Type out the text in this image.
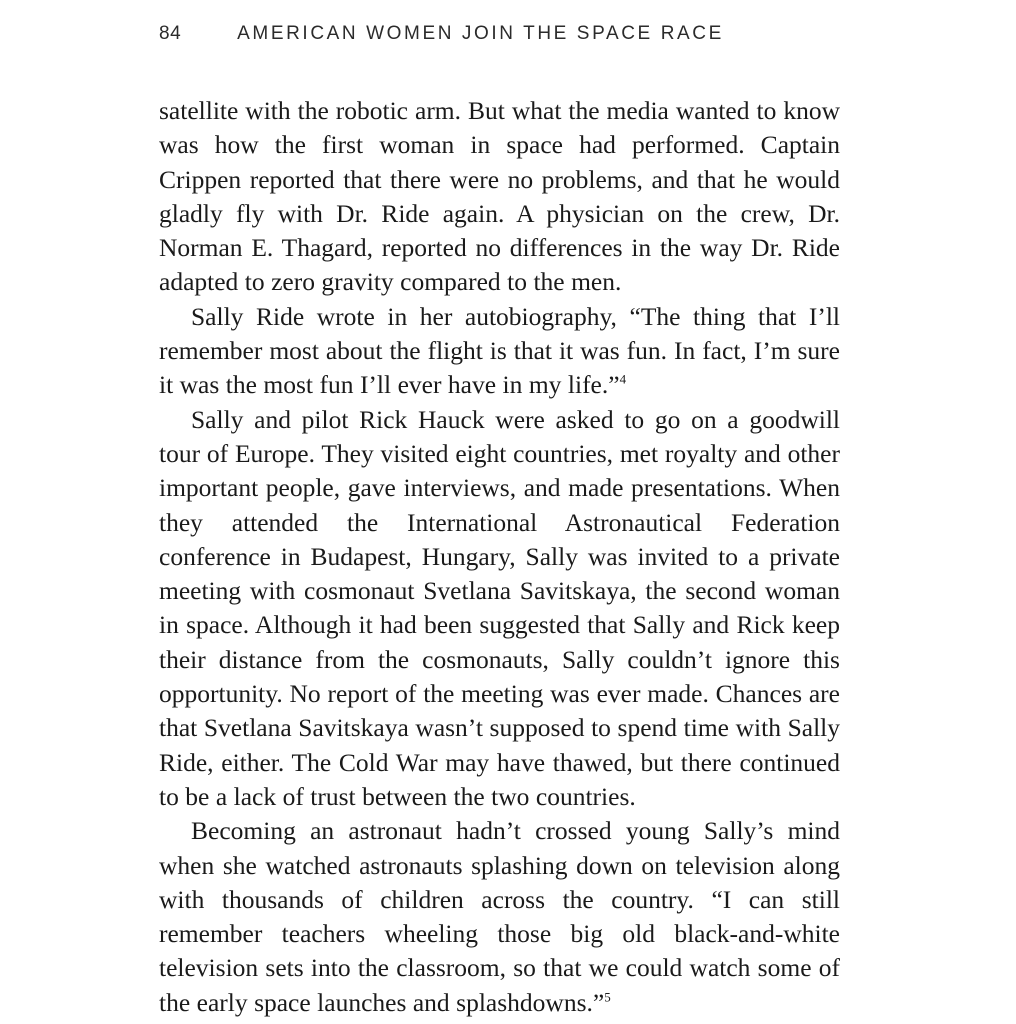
84	AMERICAN WOMEN JOIN THE SPACE RACE

satellite with the robotic arm. But what the media wanted to know was how the first woman in space had performed. Captain Crippen reported that there were no problems, and that he would gladly fly with Dr. Ride again. A physician on the crew, Dr. Norman E. Thagard, reported no differences in the way Dr. Ride adapted to zero gravity compared to the men.

Sally Ride wrote in her autobiography, “The thing that I’ll remember most about the flight is that it was fun. In fact, I’m sure it was the most fun I’ll ever have in my life.”$^4$

Sally and pilot Rick Hauck were asked to go on a goodwill tour of Europe. They visited eight countries, met royalty and other important people, gave interviews, and made presentations. When they attended the International Astronautical Federation conference in Budapest, Hungary, Sally was invited to a private meeting with cosmonaut Svetlana Savitskaya, the second woman in space. Although it had been suggested that Sally and Rick keep their distance from the cosmonauts, Sally couldn’t ignore this opportunity. No report of the meeting was ever made. Chances are that Svetlana Savitskaya wasn’t supposed to spend time with Sally Ride, either. The Cold War may have thawed, but there continued to be a lack of trust between the two countries.

Becoming an astronaut hadn’t crossed young Sally’s mind when she watched astronauts splashing down on television along with thousands of children across the country. “I can still remember teachers wheeling those big old black-and-white television sets into the classroom, so that we could watch some of the early space launches and splashdowns.”$^5$
